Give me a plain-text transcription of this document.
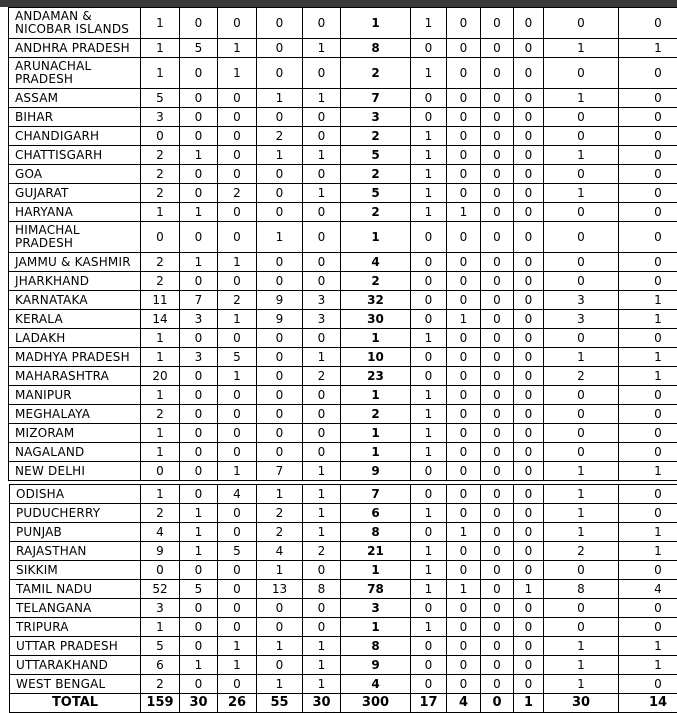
ANDAMAN & NICOBAR ISLANDS	1	0	0	0	0	1	1	0	0	0	0	0
ANDHRA PRADESH	1	5	1	0	1	8	0	0	0	0	1	1
ARUNACHAL PRADESH	1	0	1	0	0	2	1	0	0	0	0	0
ASSAM	5	0	0	1	1	7	0	0	0	0	1	0
BIHAR	3	0	0	0	0	3	0	0	0	0	0	0
CHANDIGARH	0	0	0	2	0	2	1	0	0	0	0	0
CHATTISGARH	2	1	0	1	1	5	1	0	0	0	1	0
GOA	2	0	0	0	0	2	1	0	0	0	0	0
GUJARAT	2	0	2	0	1	5	1	0	0	0	1	0
HARYANA	1	1	0	0	0	2	1	1	0	0	0	0
HIMACHAL PRADESH	0	0	0	1	0	1	0	0	0	0	0	0
JAMMU & KASHMIR	2	1	1	0	0	4	0	0	0	0	0	0
JHARKHAND	2	0	0	0	0	2	0	0	0	0	0	0
KARNATAKA	11	7	2	9	3	32	0	0	0	0	3	1
KERALA	14	3	1	9	3	30	0	1	0	0	3	1
LADAKH	1	0	0	0	0	1	1	0	0	0	0	0
MADHYA PRADESH	1	3	5	0	1	10	0	0	0	0	1	1
MAHARASHTRA	20	0	1	0	2	23	0	0	0	0	2	1
MANIPUR	1	0	0	0	0	1	1	0	0	0	0	0
MEGHALAYA	2	0	0	0	0	2	1	0	0	0	0	0
MIZORAM	1	0	0	0	0	1	1	0	0	0	0	0
NAGALAND	1	0	0	0	0	1	1	0	0	0	0	0
NEW DELHI	0	0	1	7	1	9	0	0	0	0	1	1
ODISHA	1	0	4	1	1	7	0	0	0	0	1	0
PUDUCHERRY	2	1	0	2	1	6	1	0	0	0	1	0
PUNJAB	4	1	0	2	1	8	0	1	0	0	1	1
RAJASTHAN	9	1	5	4	2	21	1	0	0	0	2	1
SIKKIM	0	0	0	1	0	1	1	0	0	0	0	0
TAMIL NADU	52	5	0	13	8	78	1	1	0	1	8	4
TELANGANA	3	0	0	0	0	3	0	0	0	0	0	0
TRIPURA	1	0	0	0	0	1	1	0	0	0	0	0
UTTAR PRADESH	5	0	1	1	1	8	0	0	0	0	1	1
UTTARAKHAND	6	1	1	0	1	9	0	0	0	0	1	1
WEST BENGAL	2	0	0	1	1	4	0	0	0	0	1	0
TOTAL	159	30	26	55	30	300	17	4	0	1	30	14
